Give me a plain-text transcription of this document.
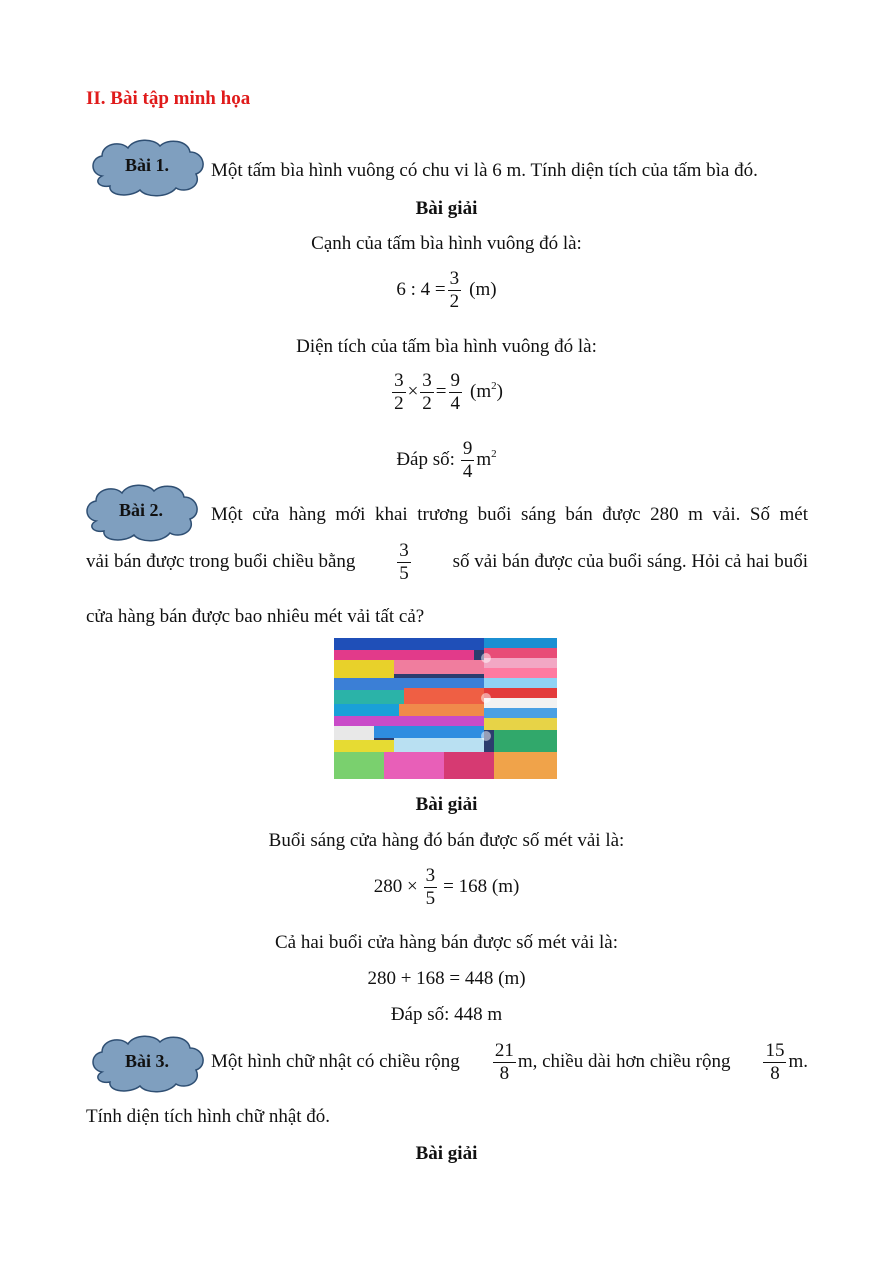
II. Bài tập minh họa
Bài 1.	Một tấm bìa hình vuông có chu vi là 6 m. Tính diện tích của tấm bìa đó.
Bài giải
Cạnh của tấm bìa hình vuông đó là:
6 : $4 = \frac{3}{2} (m)$
Diện tích của tấm bìa hình vuông đó là:
$\frac{3}{2} \times \frac{3}{2} = \frac{9}{4} (m^2)$
Đáp số: $\frac{9}{4} m^2$
Bài 2.	Một cửa hàng mới khai trương buổi sáng bán được 280 m vải. Số mét
vải bán được trong buổi chiều bằng $\frac{3}{5}$ số vải bán được của buổi sáng. Hỏi cả hai buổi
cửa hàng bán được bao nhiêu mét vải tất cả?
Bài giải
Buổi sáng cửa hàng đó bán được số mét vải là:
$280 \times \frac{3}{5} = 168$ (m)
Cả hai buổi cửa hàng bán được số mét vải là:
280 + 168 = 448 (m)
Đáp số: 448 m
Bài 3.	Một hình chữ nhật có chiều rộng $\frac{21}{8} m$, chiều dài hơn chiều rộng $\frac{15}{8} m$.
Tính diện tích hình chữ nhật đó.
Bài giải
